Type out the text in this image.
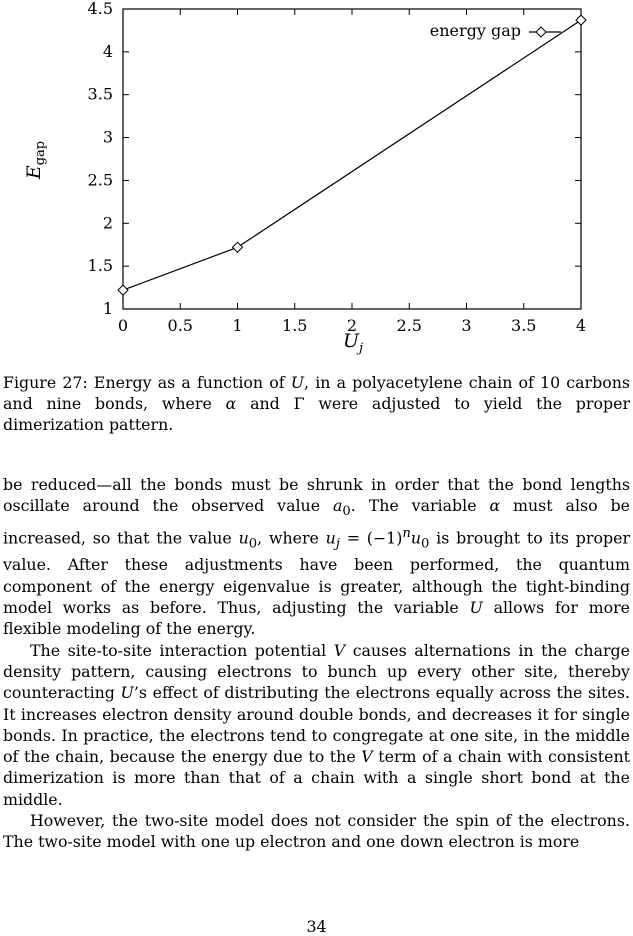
0 0.5 1 1.5 2 2.5 3 3.5 4
1
1.5
2
2.5
3
3.5
4
4.5
energy gap
$U_j$
$E_{gap}$
Figure 27: Energy as a function of U, in a polyacetylene chain of 10 carbons and nine bonds, where α and Γ were adjusted to yield the proper dimerization pattern.

be reduced—all the bonds must be shrunk in order that the bond lengths oscillate around the observed value $a_0$. The variable α must also be increased, so that the value $u_0$, where $u_j = (-1)^nu_0$ is brought to its proper value. After these adjustments have been performed, the quantum component of the energy eigenvalue is greater, although the tight-binding model works as before. Thus, adjusting the variable U allows for more flexible modeling of the energy.

The site-to-site interaction potential V causes alternations in the charge density pattern, causing electrons to bunch up every other site, thereby counteracting U’s effect of distributing the electrons equally across the sites. It increases electron density around double bonds, and decreases it for single bonds. In practice, the electrons tend to congregate at one site, in the middle of the chain, because the energy due to the V term of a chain with consistent dimerization is more than that of a chain with a single short bond at the middle.

However, the two-site model does not consider the spin of the electrons. The two-site model with one up electron and one down electron is more

34
